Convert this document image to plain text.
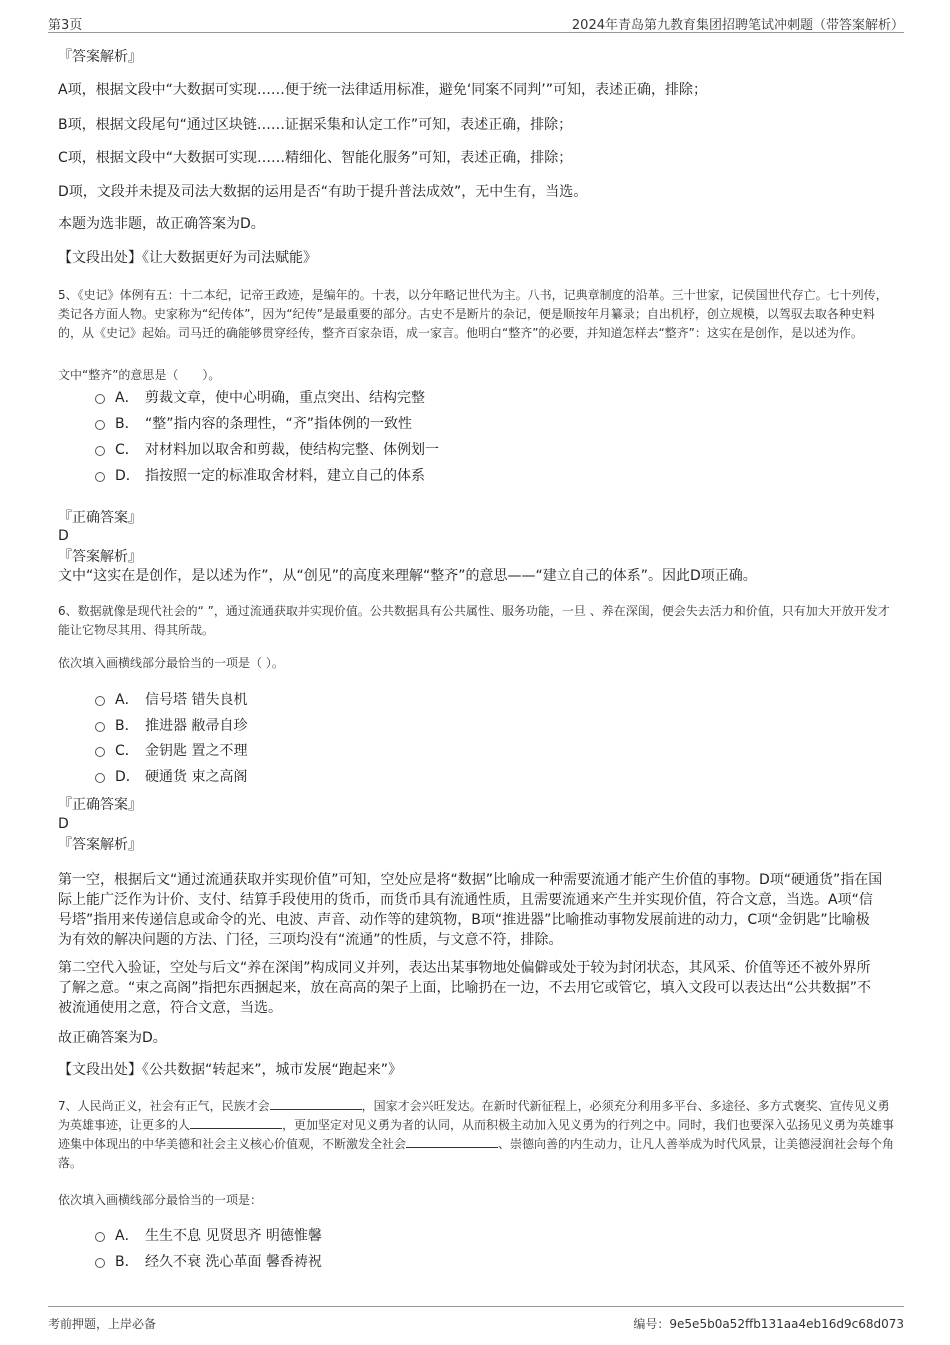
第3页	2024年青岛第九教育集团招聘笔试冲刺题（带答案解析）
『答案解析』
A项，根据文段中“大数据可实现……便于统一法律适用标准，避免‘同案不同判’”可知，表述正确，排除；
B项，根据文段尾句“通过区块链……证据采集和认定工作”可知，表述正确，排除；
C项，根据文段中“大数据可实现……精细化、智能化服务”可知，表述正确，排除；
D项，文段并未提及司法大数据的运用是否“有助于提升普法成效”，无中生有，当选。
本题为选非题，故正确答案为D。
【文段出处】《让大数据更好为司法赋能》
5、《史记》体例有五：十二本纪，记帝王政迹，是编年的。十表，以分年略记世代为主。八书，记典章制度的沿革。三十世家，记侯国世代存亡。七十列传，类记各方面人物。史家称为“纪传体”，因为“纪传”是最重要的部分。古史不是断片的杂记，便是顺按年月纂录；自出机杼，创立规模，以驾驭去取各种史料的，从《史记》起始。司马迁的确能够贯穿经传，整齐百家杂语，成一家言。他明白“整齐”的必要，并知道怎样去“整齐”：这实在是创作，是以述为作。
文中“整齐”的意思是（　　）。
A． 剪裁文章，使中心明确，重点突出、结构完整
B． “整”指内容的条理性，“齐”指体例的一致性
C． 对材料加以取舍和剪裁，使结构完整、体例划一
D． 指按照一定的标准取舍材料，建立自己的体系
『正确答案』
D
『答案解析』
文中“这实在是创作，是以述为作”，从“创见”的高度来理解“整齐”的意思——“建立自己的体系”。因此D项正确。
6、数据就像是现代社会的“ ”，通过流通获取并实现价值。公共数据具有公共属性、服务功能，一旦 、养在深闺，便会失去活力和价值，只有加大开放开发才能让它物尽其用、得其所哉。
依次填入画横线部分最恰当的一项是（ ）。
A． 信号塔 错失良机
B． 推进器 敝帚自珍
C． 金钥匙 置之不理
D． 硬通货 束之高阁
『正确答案』
D
『答案解析』
第一空，根据后文“通过流通获取并实现价值”可知，空处应是将“数据”比喻成一种需要流通才能产生价值的事物。D项“硬通货”指在国际上能广泛作为计价、支付、结算手段使用的货币，而货币具有流通性质，且需要流通来产生并实现价值，符合文意，当选。A项“信号塔”指用来传递信息或命令的光、电波、声音、动作等的建筑物，B项“推进器”比喻推动事物发展前进的动力，C项“金钥匙”比喻极为有效的解决问题的方法、门径，三项均没有“流通”的性质，与文意不符，排除。
第二空代入验证，空处与后文“养在深闺”构成同义并列，表达出某事物地处偏僻或处于较为封闭状态，其风采、价值等还不被外界所了解之意。“束之高阁”指把东西捆起来，放在高高的架子上面，比喻扔在一边，不去用它或管它，填入文段可以表达出“公共数据”不被流通使用之意，符合文意，当选。
故正确答案为D。
【文段出处】《公共数据“转起来”，城市发展“跑起来”》
7、人民尚正义，社会有正气，民族才会	，国家才会兴旺发达。在新时代新征程上，必须充分利用多平台、多途径、多方式褒奖、宣传见义勇为英雄事迹，让更多的人	，更加坚定对见义勇为者的认同，从而积极主动加入见义勇为的行列之中。同时，我们也要深入弘扬见义勇为英雄事迹集中体现出的中华美德和社会主义核心价值观，不断激发全社会	、崇德向善的内生动力，让凡人善举成为时代风景，让美德浸润社会每个角落。
依次填入画横线部分最恰当的一项是：
A． 生生不息 见贤思齐 明德惟馨
B． 经久不衰 洗心革面 馨香祷祝
考前押题，上岸必备	编号：9e5e5b0a52ffb131aa4eb16d9c68d073
